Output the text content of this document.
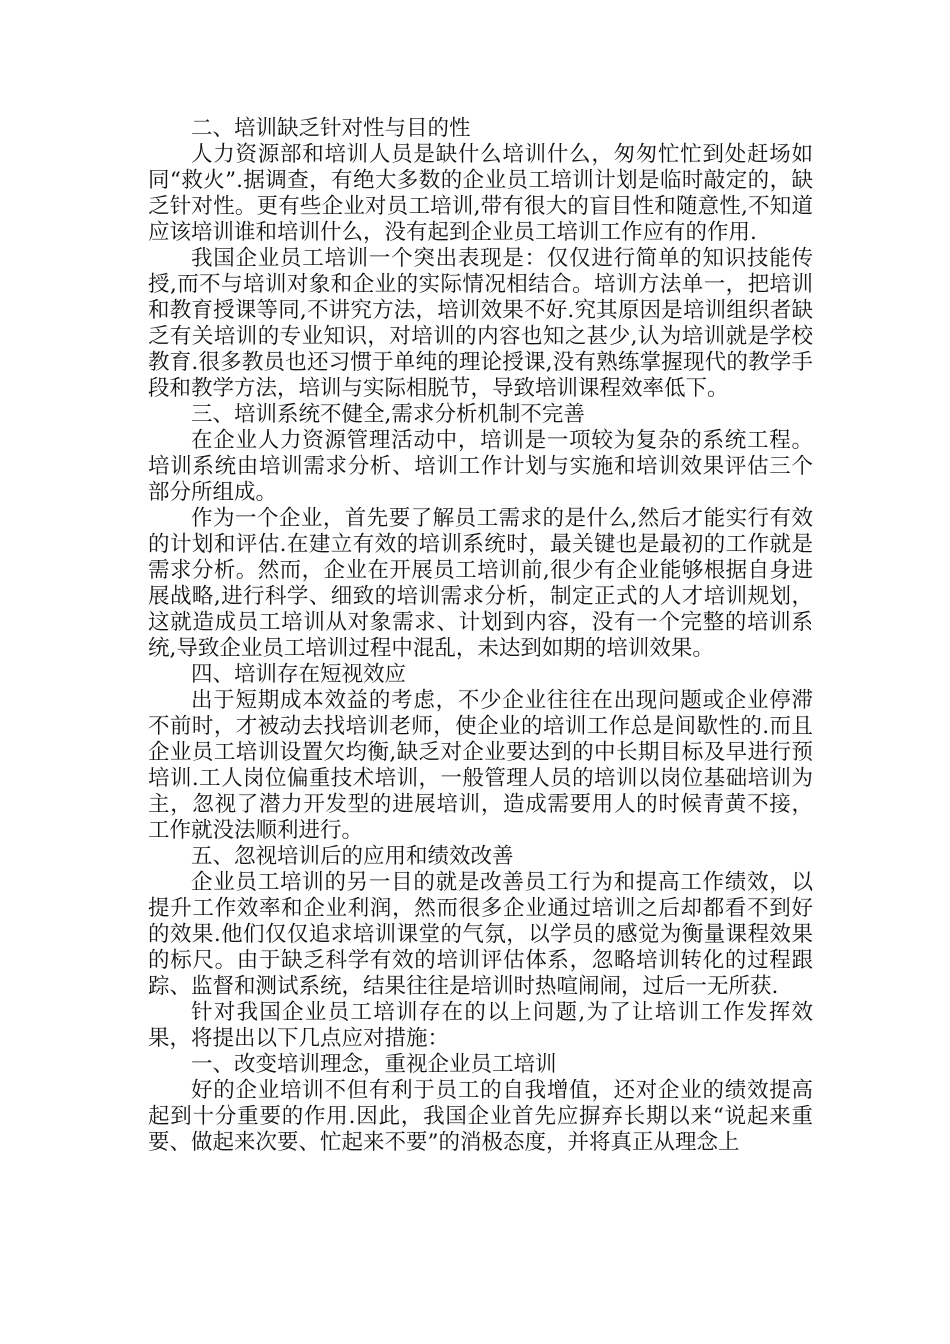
二、培训缺乏针对性与目的性

人力资源部和培训人员是缺什么培训什么，匆匆忙忙到处赶场如同“救火”.据调查，有绝大多数的企业员工培训计划是临时敲定的，缺乏针对性。更有些企业对员工培训,带有很大的盲目性和随意性,不知道应该培训谁和培训什么，没有起到企业员工培训工作应有的作用.

我国企业员工培训一个突出表现是：仅仅进行简单的知识技能传授,而不与培训对象和企业的实际情况相结合。培训方法单一，把培训和教育授课等同,不讲究方法，培训效果不好.究其原因是培训组织者缺乏有关培训的专业知识，对培训的内容也知之甚少,认为培训就是学校教育.很多教员也还习惯于单纯的理论授课,没有熟练掌握现代的教学手段和教学方法，培训与实际相脱节，导致培训课程效率低下。

三、培训系统不健全,需求分析机制不完善

在企业人力资源管理活动中，培训是一项较为复杂的系统工程。培训系统由培训需求分析、培训工作计划与实施和培训效果评估三个部分所组成。

作为一个企业，首先要了解员工需求的是什么,然后才能实行有效的计划和评估.在建立有效的培训系统时，最关键也是最初的工作就是需求分析。然而，企业在开展员工培训前,很少有企业能够根据自身进展战略,进行科学、细致的培训需求分析，制定正式的人才培训规划，这就造成员工培训从对象需求、计划到内容，没有一个完整的培训系统,导致企业员工培训过程中混乱，未达到如期的培训效果。

四、培训存在短视效应

出于短期成本效益的考虑，不少企业往往在出现问题或企业停滞不前时，才被动去找培训老师，使企业的培训工作总是间歇性的.而且企业员工培训设置欠均衡,缺乏对企业要达到的中长期目标及早进行预培训.工人岗位偏重技术培训，一般管理人员的培训以岗位基础培训为主，忽视了潜力开发型的进展培训，造成需要用人的时候青黄不接，工作就没法顺利进行。

五、忽视培训后的应用和绩效改善

企业员工培训的另一目的就是改善员工行为和提高工作绩效，以提升工作效率和企业利润，然而很多企业通过培训之后却都看不到好的效果.他们仅仅追求培训课堂的气氛，以学员的感觉为衡量课程效果的标尺。由于缺乏科学有效的培训评估体系，忽略培训转化的过程跟踪、监督和测试系统，结果往往是培训时热喧闹闹，过后一无所获.

针对我国企业员工培训存在的以上问题,为了让培训工作发挥效果，将提出以下几点应对措施：

一、改变培训理念，重视企业员工培训

好的企业培训不但有利于员工的自我增值，还对企业的绩效提高起到十分重要的作用.因此，我国企业首先应摒弃长期以来“说起来重要、做起来次要、忙起来不要”的消极态度，并将真正从理念上
